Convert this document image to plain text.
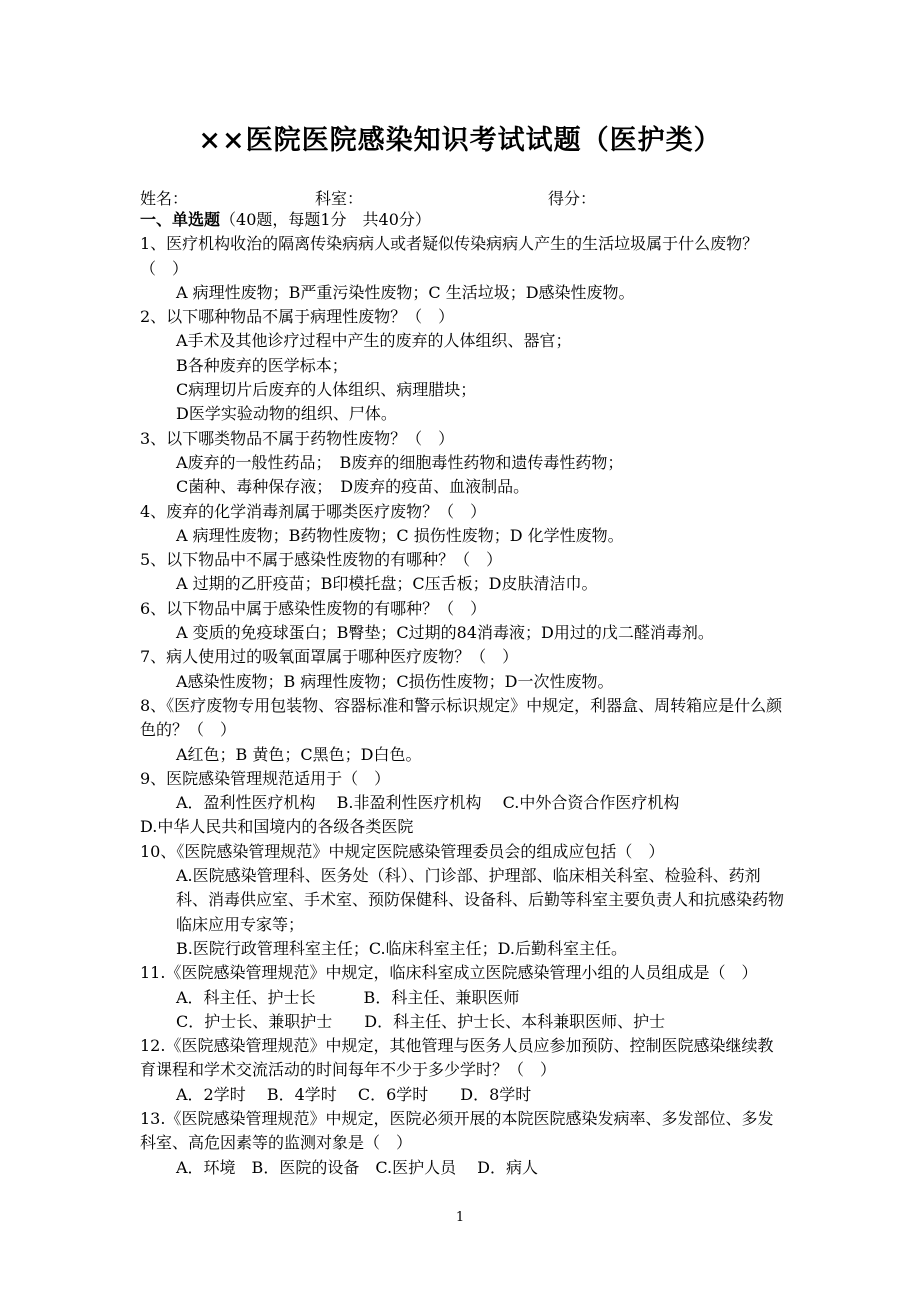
××医院医院感染知识考试试题（医护类）
姓名：	科室：	得分：
一、单选题（40题，每题1分　共40分）
1、医疗机构收治的隔离传染病病人或者疑似传染病病人产生的生活垃圾属于什么废物？（　）
A 病理性废物；B严重污染性废物；C 生活垃圾；D感染性废物。
2、以下哪种物品不属于病理性废物？（　）
A手术及其他诊疗过程中产生的废弃的人体组织、器官；
B各种废弃的医学标本；
C病理切片后废弃的人体组织、病理腊块；
D医学实验动物的组织、尸体。
3、以下哪类物品不属于药物性废物？（　）
A废弃的一般性药品；　B废弃的细胞毒性药物和遗传毒性药物；
C菌种、毒种保存液；　D废弃的疫苗、血液制品。
4、废弃的化学消毒剂属于哪类医疗废物？（　）
A 病理性废物；B药物性废物；C 损伤性废物；D 化学性废物。
5、以下物品中不属于感染性废物的有哪种？（　）
A 过期的乙肝疫苗；B印模托盘；C压舌板；D皮肤清洁巾。
6、以下物品中属于感染性废物的有哪种？（　）
A 变质的免疫球蛋白；B臀垫；C过期的84消毒液；D用过的戊二醛消毒剂。
7、病人使用过的吸氧面罩属于哪种医疗废物？（　）
A感染性废物；B 病理性废物；C损伤性废物；D一次性废物。
8、《医疗废物专用包装物、容器标准和警示标识规定》中规定，利器盒、周转箱应是什么颜色的？（　）
A红色；B 黄色；C黑色；D白色。
9、医院感染管理规范适用于（　）
A．盈利性医疗机构　 B.非盈利性医疗机构　 C.中外合资合作医疗机构
D.中华人民共和国境内的各级各类医院
10、《医院感染管理规范》中规定医院感染管理委员会的组成应包括（　）
A.医院感染管理科、医务处（科）、门诊部、护理部、临床相关科室、检验科、药剂科、消毒供应室、手术室、预防保健科、设备科、后勤等科室主要负责人和抗感染药物临床应用专家等；
B.医院行政管理科室主任；C.临床科室主任；D.后勤科室主任。
11.《医院感染管理规范》中规定，临床科室成立医院感染管理小组的人员组成是（　）
A．科主任、护士长　　　B．科主任、兼职医师
C．护士长、兼职护士　　D．科主任、护士长、本科兼职医师、护士
12.《医院感染管理规范》中规定，其他管理与医务人员应参加预防、控制医院感染继续教育课程和学术交流活动的时间每年不少于多少学时？（　）
A．2学时　 B．4学时　 C．6学时　　D．8学时
13.《医院感染管理规范》中规定，医院必须开展的本院医院感染发病率、多发部位、多发科室、高危因素等的监测对象是（　）
A．环境　B．医院的设备　C.医护人员　 D．病人
1
